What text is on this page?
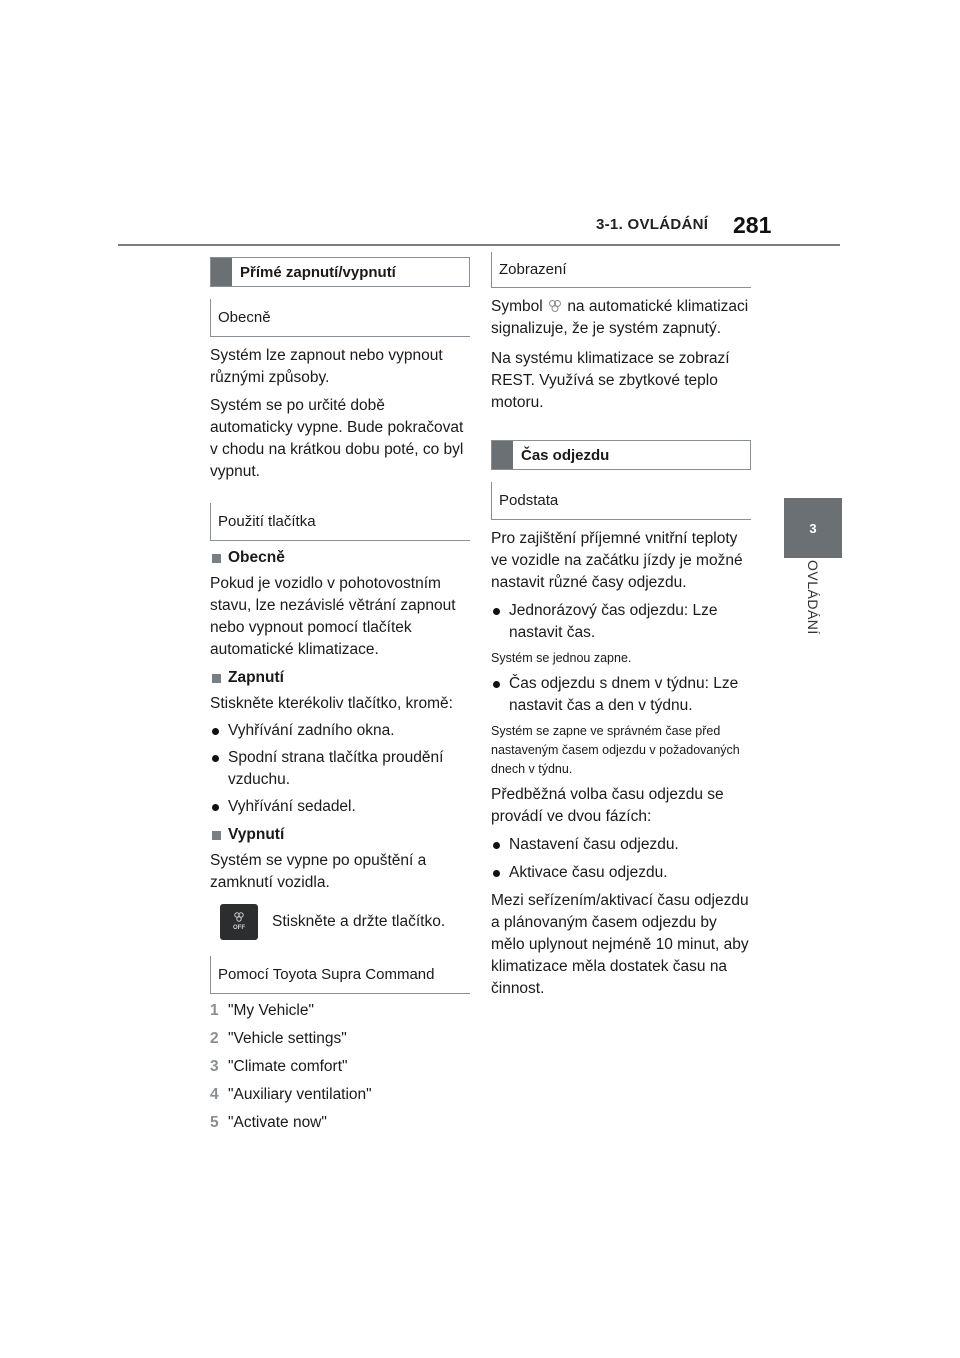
3-1. OVLÁDÁNÍ 281
3
OVLÁDÁNÍ
Přímé zapnutí/vypnutí
Obecně

Systém lze zapnout nebo vypnout různými způsoby.

Systém se po určité době automaticky vypne. Bude pokračovat v chodu na krátkou dobu poté, co byl vypnut.

Použití tlačítka

Obecně

Pokud je vozidlo v pohotovostním stavu, lze nezávislé větrání zapnout nebo vypnout pomocí tlačítek automatické klimatizace.

Zapnutí

Stiskněte kterékoliv tlačítko, kromě:

Vyhřívání zadního okna.

Spodní strana tlačítka proudění vzduchu.

Vyhřívání sedadel.

Vypnutí

Systém se vypne po opuštění a zamknutí vozidla.

OFF Stiskněte a držte tlačítko.

Pomocí Toyota Supra Command

1 "My Vehicle"

2 "Vehicle settings"

3 "Climate comfort"

4 "Auxiliary ventilation"

5 "Activate now"

Zobrazení

Symbol na automatické klimatizaci signalizuje, že je systém zapnutý.

Na systému klimatizace se zobrazí REST. Využívá se zbytkové teplo motoru.

Čas odjezdu
Podstata

Pro zajištění příjemné vnitřní teploty ve vozidle na začátku jízdy je možné nastavit různé časy odjezdu.

Jednorázový čas odjezdu: Lze nastavit čas.

Systém se jednou zapne.

Čas odjezdu s dnem v týdnu: Lze nastavit čas a den v týdnu.

Systém se zapne ve správném čase před nastaveným časem odjezdu v požadovaných dnech v týdnu.

Předběžná volba času odjezdu se provádí ve dvou fázích:

Nastavení času odjezdu.

Aktivace času odjezdu.

Mezi seřízením/aktivací času odjezdu a plánovaným časem odjezdu by mělo uplynout nejméně 10 minut, aby klimatizace měla dostatek času na činnost.
